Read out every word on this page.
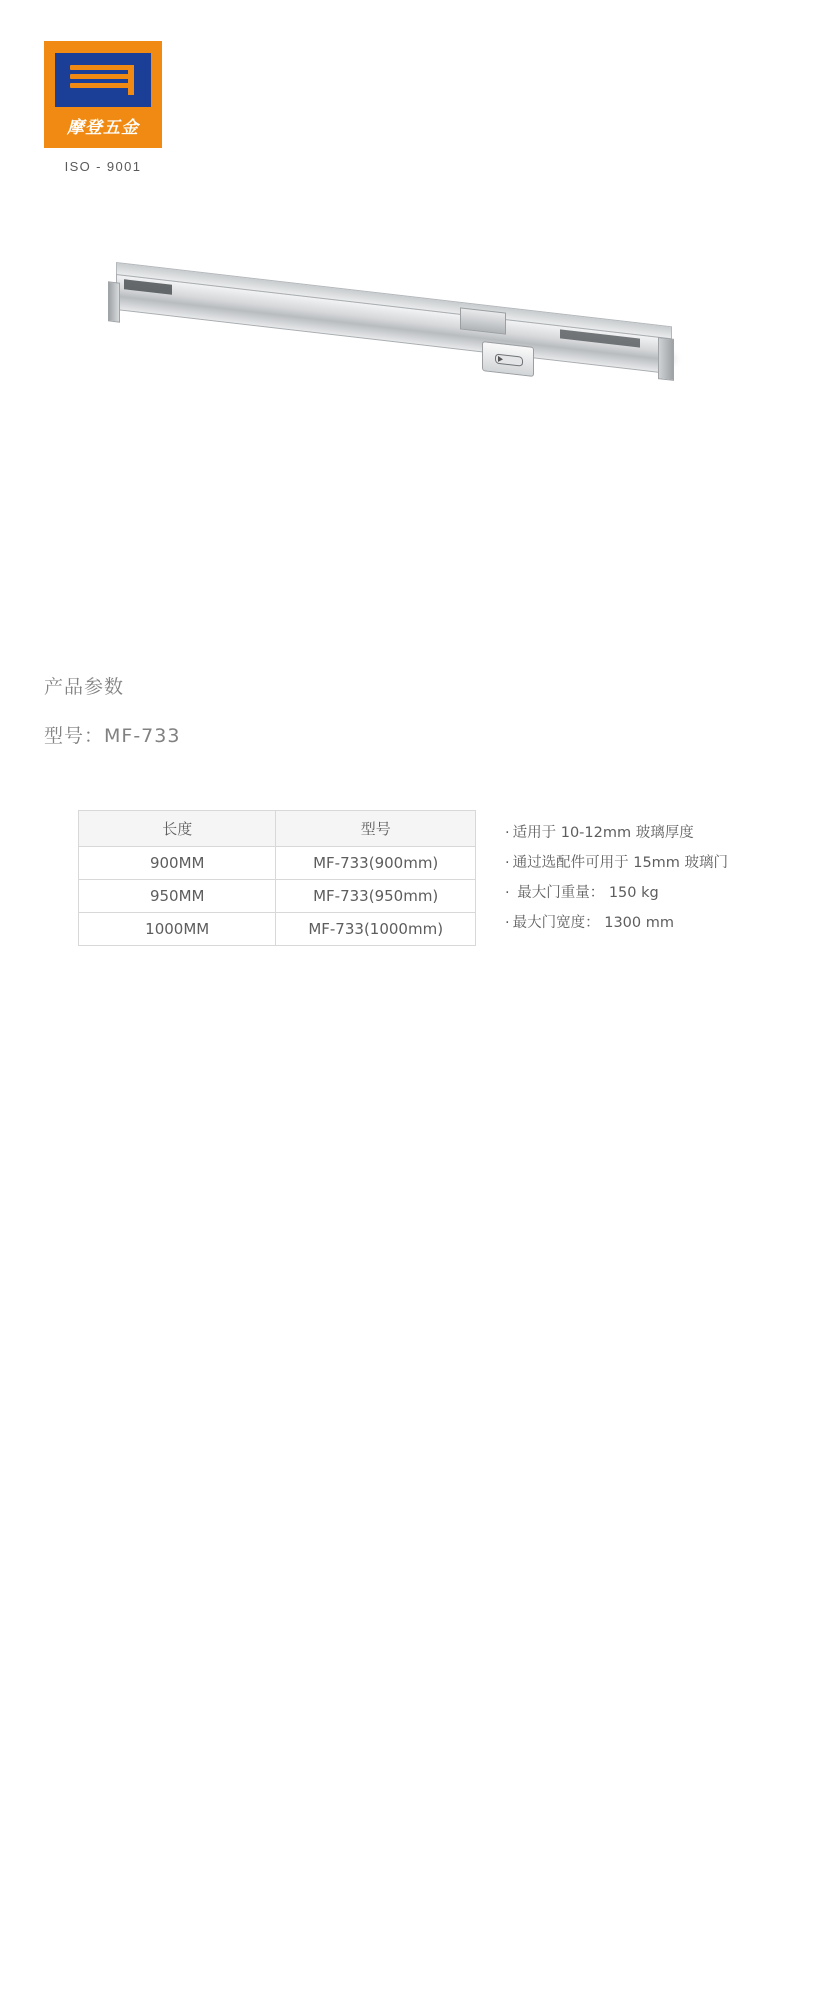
摩登五金
ISO - 9001
产品参数
型号：MF-733
长度	型号
900MM	MF-733(900mm)
950MM	MF-733(950mm)
1000MM	MF-733(1000mm)
· 适用于 10-12mm 玻璃厚度
· 通过选配件可用于 15mm 玻璃门
· 最大门重量： 150 kg
· 最大门宽度： 1300 mm
